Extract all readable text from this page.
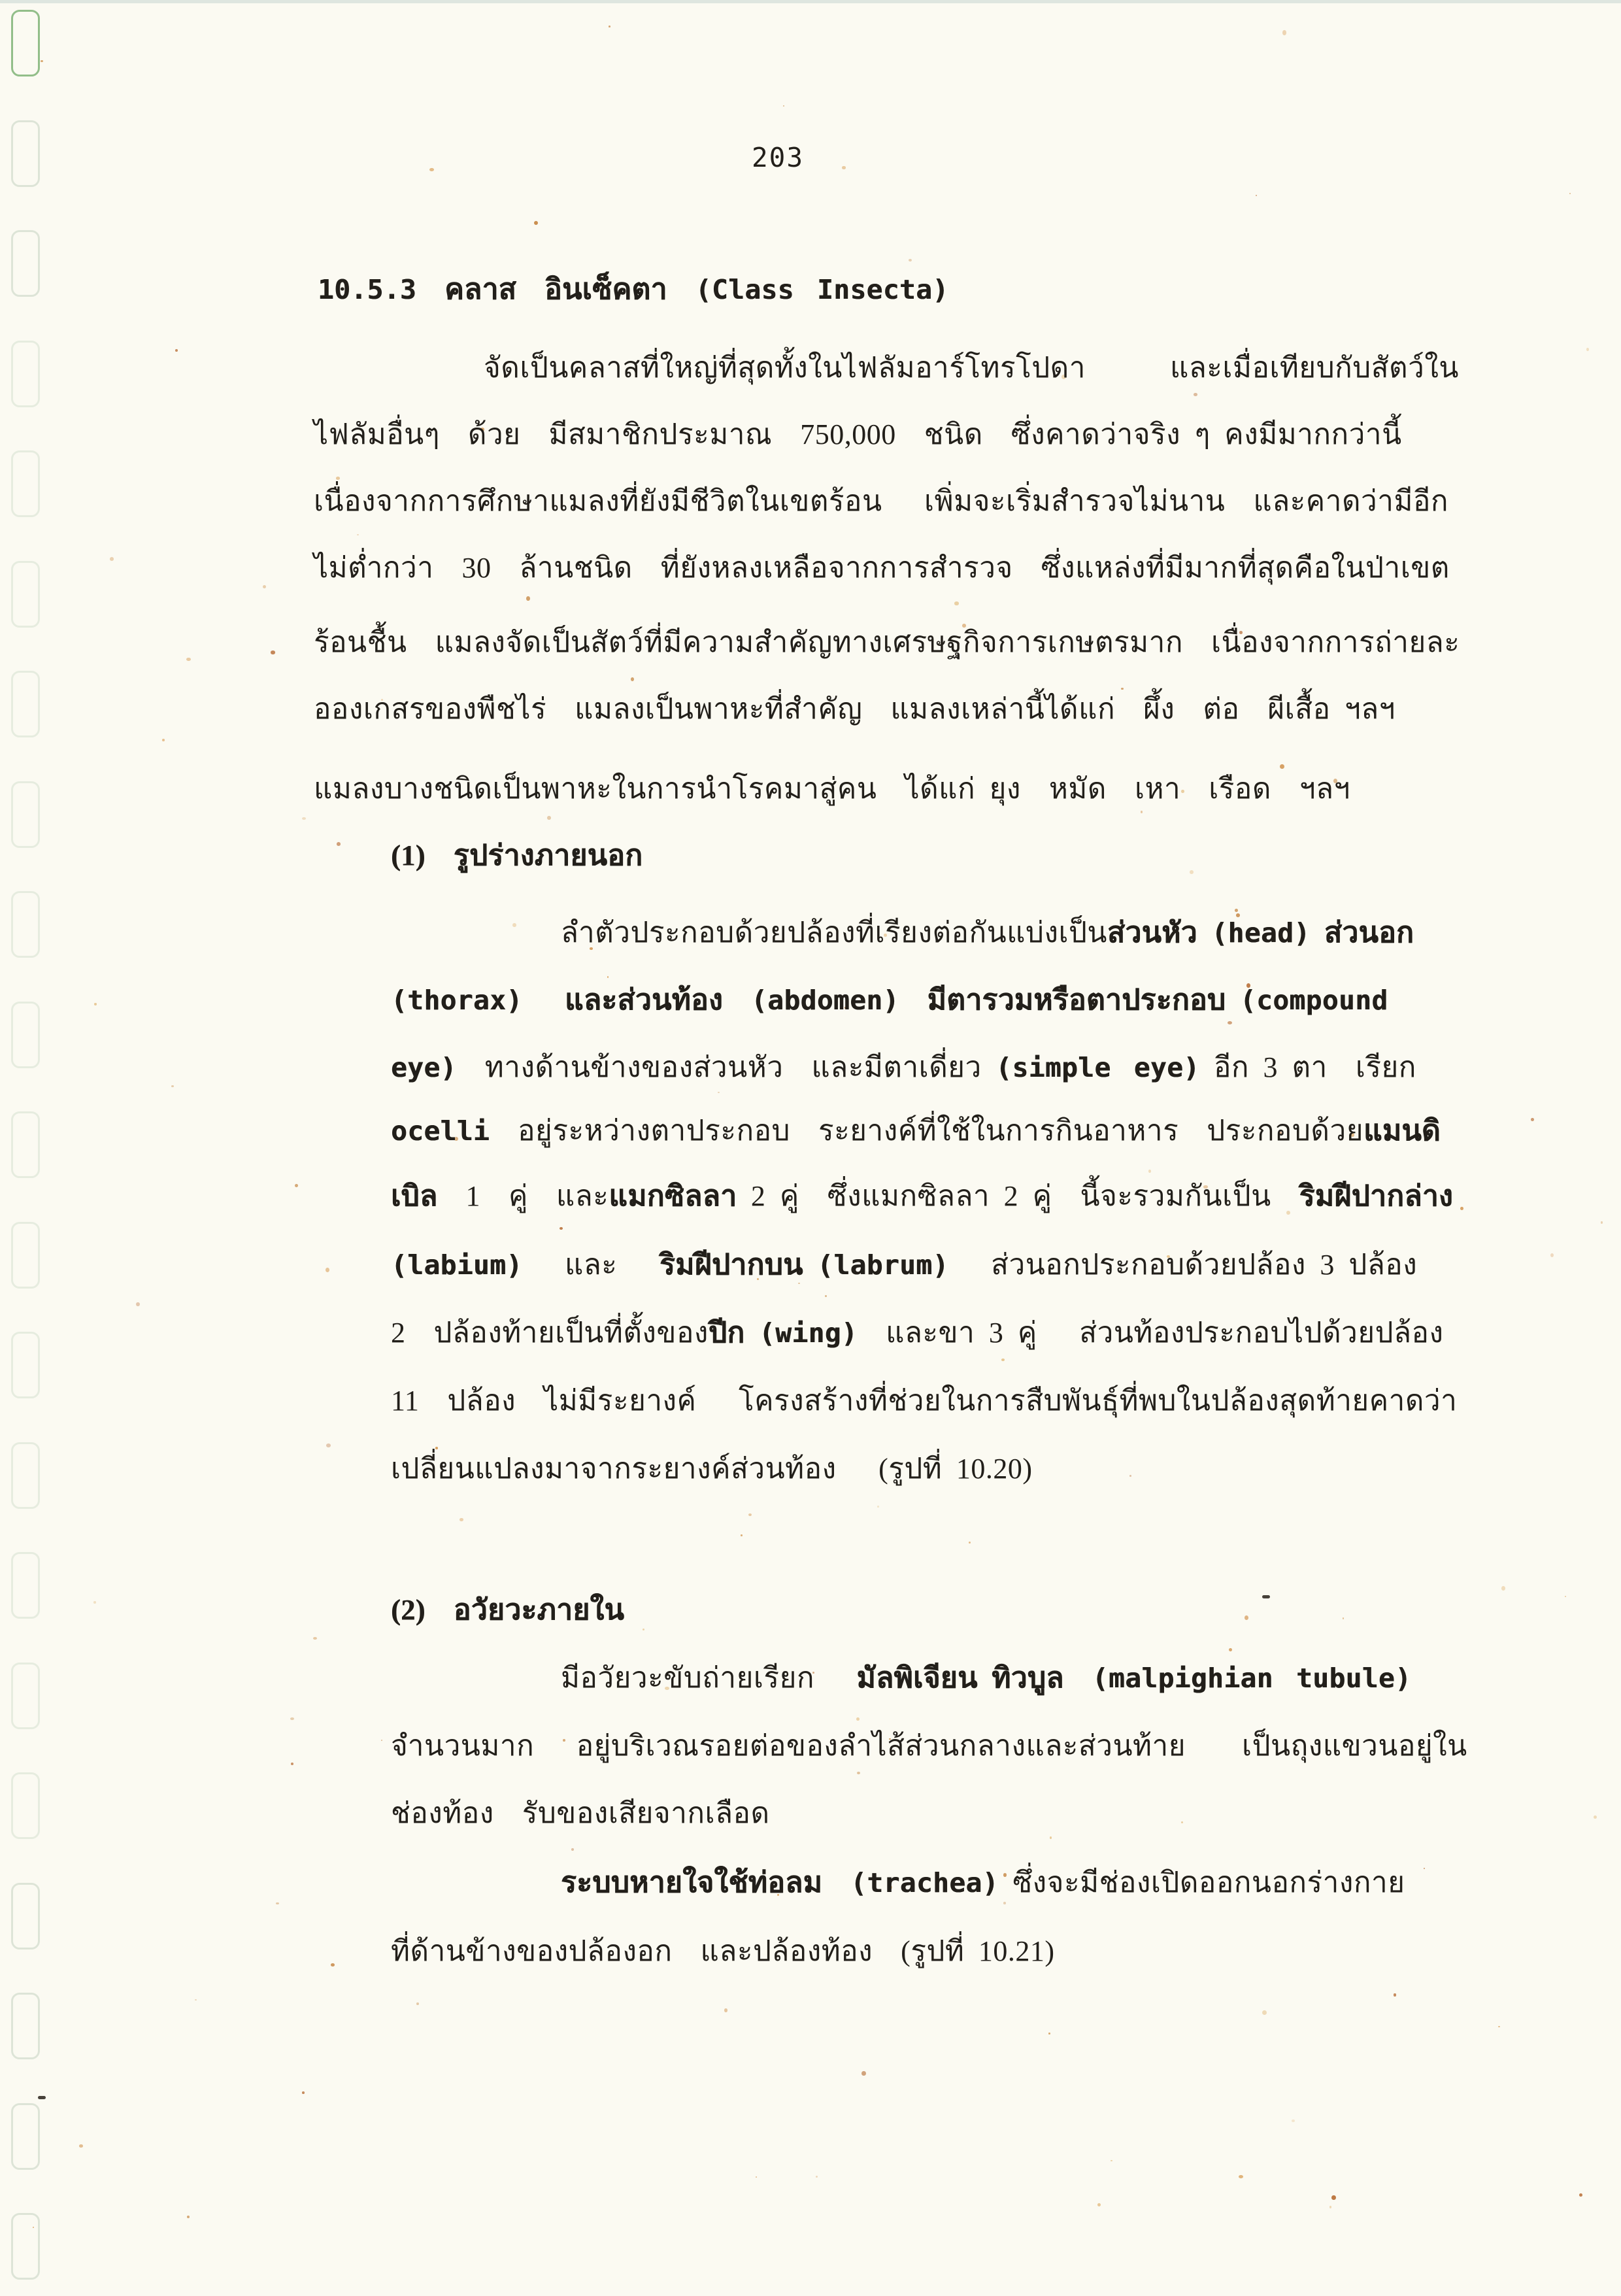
203
10.5.3  คลาส  อินเซ็คตา  (Class Insecta)
จัดเป็นคลาสที่ใหญ่ที่สุดทั้งในไฟลัมอาร์โทรโปดา      และเมื่อเทียบกับสัตว์ใน
ไฟลัมอื่นๆ  ด้วย  มีสมาชิกประมาณ  750,000  ชนิด  ซึ่งคาดว่าจริง ๆ คงมีมากกว่านี้
เนื่องจากการศึกษาแมลงที่ยังมีชีวิตในเขตร้อน   เพิ่มจะเริ่มสำรวจไม่นาน  และคาดว่ามีอีก
ไม่ต่ำกว่า  30  ล้านชนิด  ที่ยังหลงเหลือจากการสำรวจ  ซึ่งแหล่งที่มีมากที่สุดคือในป่าเขต
ร้อนชื้น  แมลงจัดเป็นสัตว์ที่มีความสำคัญทางเศรษฐกิจการเกษตรมาก  เนื่องจากการถ่ายละ
อองเกสรของพืชไร่  แมลงเป็นพาหะที่สำคัญ  แมลงเหล่านี้ได้แก่  ผึ้ง  ต่อ  ผีเสื้อ ฯลฯ
แมลงบางชนิดเป็นพาหะในการนำโรคมาสู่คน  ได้แก่ ยุง  หมัด  เหา  เรือด  ฯลฯ
(1)  รูปร่างภายนอก
ลำตัวประกอบด้วยปล้องที่เรียงต่อกันแบ่งเป็นส่วนหัว (head) ส่วนอก
(thorax)   และส่วนท้อง  (abdomen)  มีตารวมหรือตาประกอบ (compound
eye)  ทางด้านข้างของส่วนหัว  และมีตาเดี่ยว (simple eye) อีก 3 ตา  เรียก
ocelli  อยู่ระหว่างตาประกอบ  ระยางค์ที่ใช้ในการกินอาหาร  ประกอบด้วยแมนดิ
เบิล  1  คู่  และแมกซิลลา 2 คู่  ซึ่งแมกซิลลา 2 คู่  นี้จะรวมกันเป็น  ริมฝีปากล่าง
(labium)   และ   ริมฝีปากบน (labrum)   ส่วนอกประกอบด้วยปล้อง 3 ปล้อง
2  ปล้องท้ายเป็นที่ตั้งของปีก (wing)  และขา 3 คู่   ส่วนท้องประกอบไปด้วยปล้อง
11  ปล้อง  ไม่มีระยางค์   โครงสร้างที่ช่วยในการสืบพันธุ์ที่พบในปล้องสุดท้ายคาดว่า
เปลี่ยนแปลงมาจากระยางค์ส่วนท้อง   (รูปที่ 10.20)
(2)  อวัยวะภายใน
มีอวัยวะขับถ่ายเรียก   มัลพิเจียน ทิวบูล  (malpighian tubule)
จำนวนมาก   อยู่บริเวณรอยต่อของลำไส้ส่วนกลางและส่วนท้าย    เป็นถุงแขวนอยู่ใน
ช่องท้อง  รับของเสียจากเลือด
ระบบหายใจใช้ท่อลม  (trachea) ซึ่งจะมีช่องเปิดออกนอกร่างกาย
ที่ด้านข้างของปล้องอก  และปล้องท้อง  (รูปที่ 10.21)
